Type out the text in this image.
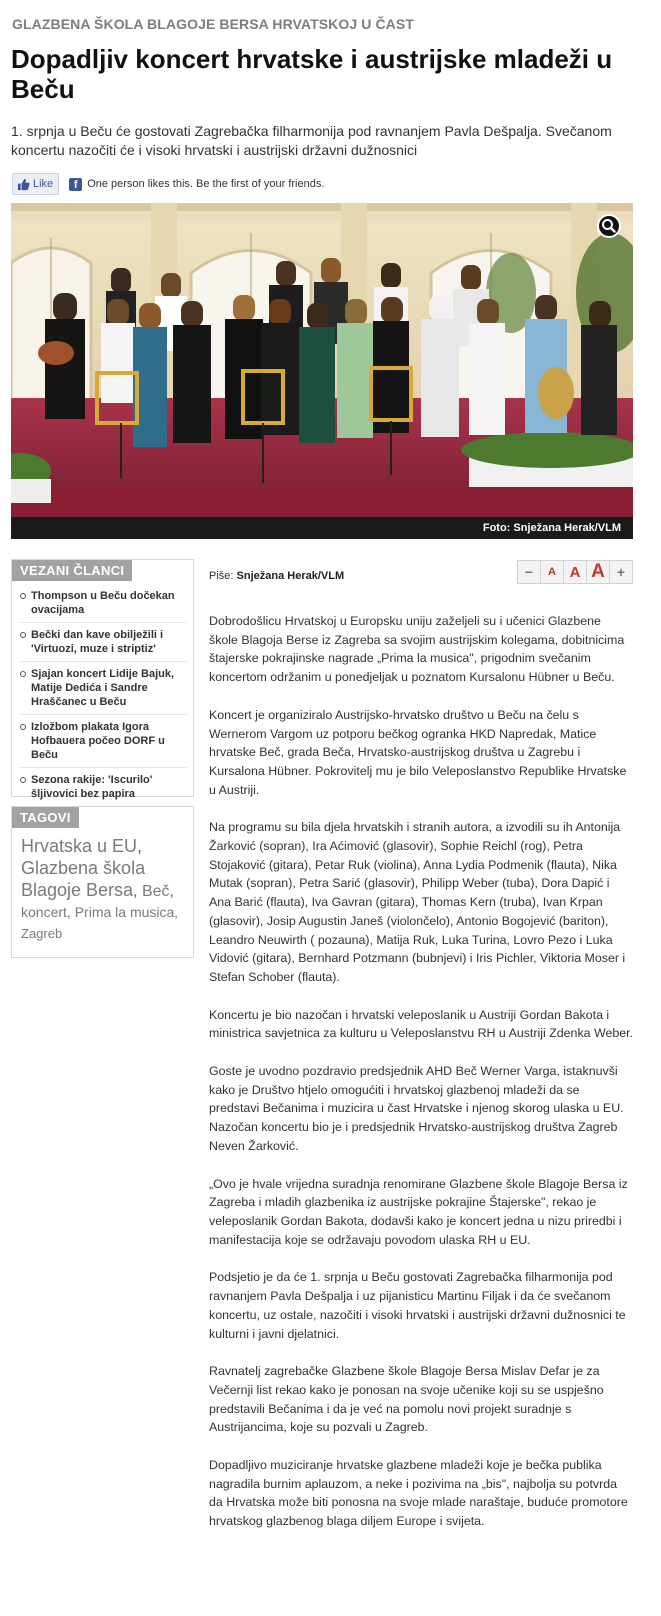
GLAZBENA ŠKOLA BLAGOJE BERSA HRVATSKOJ U ČAST
Dopadljiv koncert hrvatske i austrijske mladeži u Beču
1. srpnja u Beču će gostovati Zagrebačka filharmonija pod ravnanjem Pavla Dešpalja. Svečanom koncertu nazočiti će i visoki hrvatski i austrijski državni dužnosnici
Like	f One person likes this. Be the first of your friends.
Foto: Snježana Herak/VLM
VEZANI ČLANCI
Thompson u Beču dočekan ovacijama
Bečki dan kave obilježili i 'Virtuozi, muze i striptiz'
Sjajan koncert Lidije Bajuk, Matije Dedića i Sandre Hraščanec u Beču
Izložbom plakata Igora Hofbauera počeo DORF u Beču
Sezona rakije: 'Iscurilo' šljivovici bez papira
TAGOVI
Hrvatska u EU, Glazbena škola Blagoje Bersa, Beč, koncert, Prima la musica, Zagreb
Piše: Snježana Herak/VLM	−	A A A +

Dobrodošlicu Hrvatskoj u Europsku uniju zaželjeli su i učenici Glazbene škole Blagoja Berse iz Zagreba sa svojim austrijskim kolegama, dobitnicima štajerske pokrajinske nagrade „Prima la musica", prigodnim svečanim koncertom održanim u ponedjeljak u poznatom Kursalonu Hübner u Beču.

Koncert je organiziralo Austrijsko-hrvatsko društvo u Beču na čelu s Wernerom Vargom uz potporu bečkog ogranka HKD Napredak, Matice hrvatske Beč, grada Beča, Hrvatsko-austrijskog društva u Zagrebu i Kursalona Hübner. Pokrovitelj mu je bilo Veleposlanstvo Republike Hrvatske u Austriji.

Na programu su bila djela hrvatskih i stranih autora, a izvodili su ih Antonija Žarković (sopran), Ira Aćimović (glasovir), Sophie Reichl (rog), Petra Stojaković (gitara), Petar Ruk (violina), Anna Lydia Podmenik (flauta), Nika Mutak (sopran), Petra Sarić (glasovir), Philipp Weber (tuba), Dora Dapić i Ana Barić (flauta), Iva Gavran (gitara), Thomas Kern (truba), Ivan Krpan (glasovir), Josip Augustin Janeš (violončelo), Antonio Bogojević (bariton), Leandro Neuwirth ( pozauna), Matija Ruk, Luka Turina, Lovro Pezo i Luka Vidović (gitara), Bernhard Potzmann (bubnjevi) i Iris Pichler, Viktoria Moser i Stefan Schober (flauta).

Koncertu je bio nazočan i hrvatski veleposlanik u Austriji Gordan Bakota i ministrica savjetnica za kulturu u Veleposlanstvu RH u Austriji Zdenka Weber.

Goste je uvodno pozdravio predsjednik AHD Beč Werner Varga, istaknuvši kako je Društvo htjelo omogućiti i hrvatskoj glazbenoj mladeži da se predstavi Bečanima i muzicira u čast Hrvatske i njenog skorog ulaska u EU. Nazočan koncertu bio je i predsjednik Hrvatsko-austrijskog društva Zagreb Neven Žarković.

„Ovo je hvale vrijedna suradnja renomirane Glazbene škole Blagoje Bersa iz Zagreba i mladih glazbenika iz austrijske pokrajine Štajerske", rekao je veleposlanik Gordan Bakota, dodavši kako je koncert jedna u nizu priredbi i manifestacija koje se održavaju povodom ulaska RH u EU.

Podsjetio je da će 1. srpnja u Beču gostovati Zagrebačka filharmonija pod ravnanjem Pavla Dešpalja i uz pijanisticu Martinu Filjak i da će svečanom koncertu, uz ostale, nazočiti i visoki hrvatski i austrijski državni dužnosnici te kulturni i javni djelatnici.

Ravnatelj zagrebačke Glazbene škole Blagoje Bersa Mislav Defar je za Večernji list rekao kako je ponosan na svoje učenike koji su se uspješno predstavili Bečanima i da je već na pomolu novi projekt suradnje s Austrijancima, koje su pozvali u Zagreb.

Dopadljivo muziciranje hrvatske glazbene mladeži koje je bečka publika nagradila burnim aplauzom, a neke i pozivima na „bis", najbolja su potvrda da Hrvatska može biti ponosna na svoje mlade naraštaje, buduće promotore hrvatskog glazbenog blaga diljem Europe i svijeta.
